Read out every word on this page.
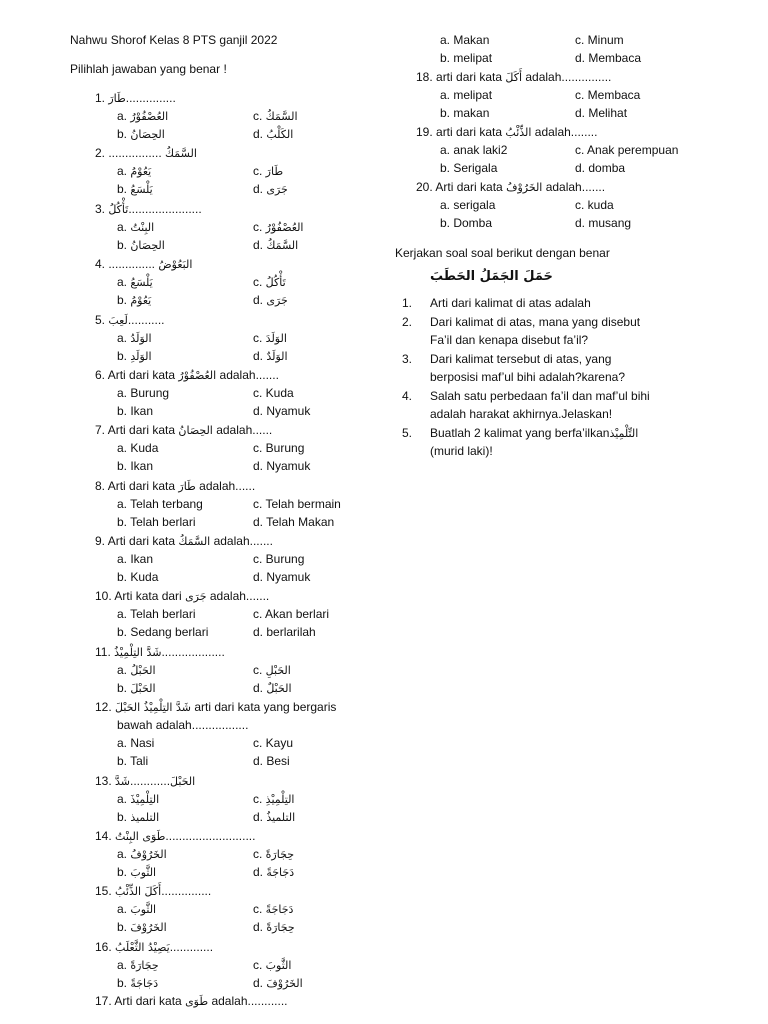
Nahwu Shorof Kelas 8 PTS ganjil 2022
Pilihlah jawaban yang benar !
1. طَارَ...............
a. العُصْفُوْرُ	c. السَّمَكُ
b. الحِصَانُ	d. الكَلْبُ
2. ................ السَّمَكُ
a. يَعُوْمُ	c. طَارَ
b. يَلْسَعُ	d. جَرَى
3. تَأْكُلُ......................
a. البِنْتُ	c. العُصْفُوْرُ
b. الحِصَانُ	d. السَّمَكُ
4. .............. البَعُوْضُ
a. يَلْسَعُ	c. تَأْكُلُ
b. يَعُوْمُ	d. جَرَى
5. لَعِبَ...........
a. الوَلَدُ	c. الوَلَدَ
b. الوَلَدِ	d. الوَلَدٌ
6. Arti dari kata العُصْفُوْرُ adalah.......
a. Burung	c. Kuda
b. Ikan	d. Nyamuk
7. Arti dari kata الحِصَانُ adalah......
a. Kuda	c. Burung
b. Ikan	d. Nyamuk
8. Arti dari kata طَارَ adalah......
a. Telah terbang	c. Telah bermain
b. Telah berlari	d. Telah Makan
9. Arti dari kata السَّمَكُ adalah.......
a. Ikan	c. Burung
b. Kuda	d. Nyamuk
10. Arti kata dari جَرَى adalah.......
a. Telah berlari	c. Akan berlari
b. Sedang berlari	d. berlarilah
11. شَدَّ التِلْمِيْذُ...................
a. الحَبْلُ	c. الحَبْلِ
b. الحَبْلَ	d. الحَبْلٌ
12. شَدَّ التِلْمِيْذُ الحَبْلَ arti dari kata yang bergaris
bawah adalah.................
a. Nasi	c. Kayu
b. Tali	d. Besi
13.	الحَبْلَ............شَدَّ
a. التِلْمِيْذَ	c. التِلْمِيْذِ
b. التلميذ	d. التلميذُ
14. طَوَى البِنْتُ...........................
a. الخَرُوْفُ	c. حِجَارَةً
b. الثَّوبَ	d. دَجَاجَةً
15. أَكَلَ الذِّئْبُ...............
a. الثَّوبَ	c. دَجَاجَةً
b. الخَرُوْفَ	d. حِجَارَةً
16. يَصِيْدُ الثَّعْلَبُ.............
a. حِجَارَةً	c. الثَّوبَ
b. دَجَاجَةً	d. الخَرُوْفَ
17. Arti dari kata طَوَى adalah............
a. Makan	c. Minum
b. melipat	d. Membaca
18. arti dari kata أَكَلَ adalah...............
a. melipat	c. Membaca
b. makan	d. Melihat
19. arti dari kata الذِّئْبُ adalah........
a. anak laki2	c. Anak perempuan
b. Serigala	d. domba
20. Arti dari kata الخَرُوْفُ adalah.......
a. serigala	c. kuda
b. Domba	d. musang
Kerjakan soal soal berikut dengan benar
حَمَلَ الجَمَلُ الحَطَبَ
1. Arti dari kalimat di atas adalah
2. Dari kalimat di atas, mana yang disebut
Fa’il dan kenapa disebut fa’il?
3. Dari kalimat tersebut di atas, yang
berposisi maf’ul bihi adalah?karena?
4. Salah satu perbedaan fa’il dan maf’ul bihi
adalah harakat akhirnya.Jelaskan!
5. Buatlah 2 kalimat yang berfa’ilkan التِّلْمِيْذ
(murid laki)!
